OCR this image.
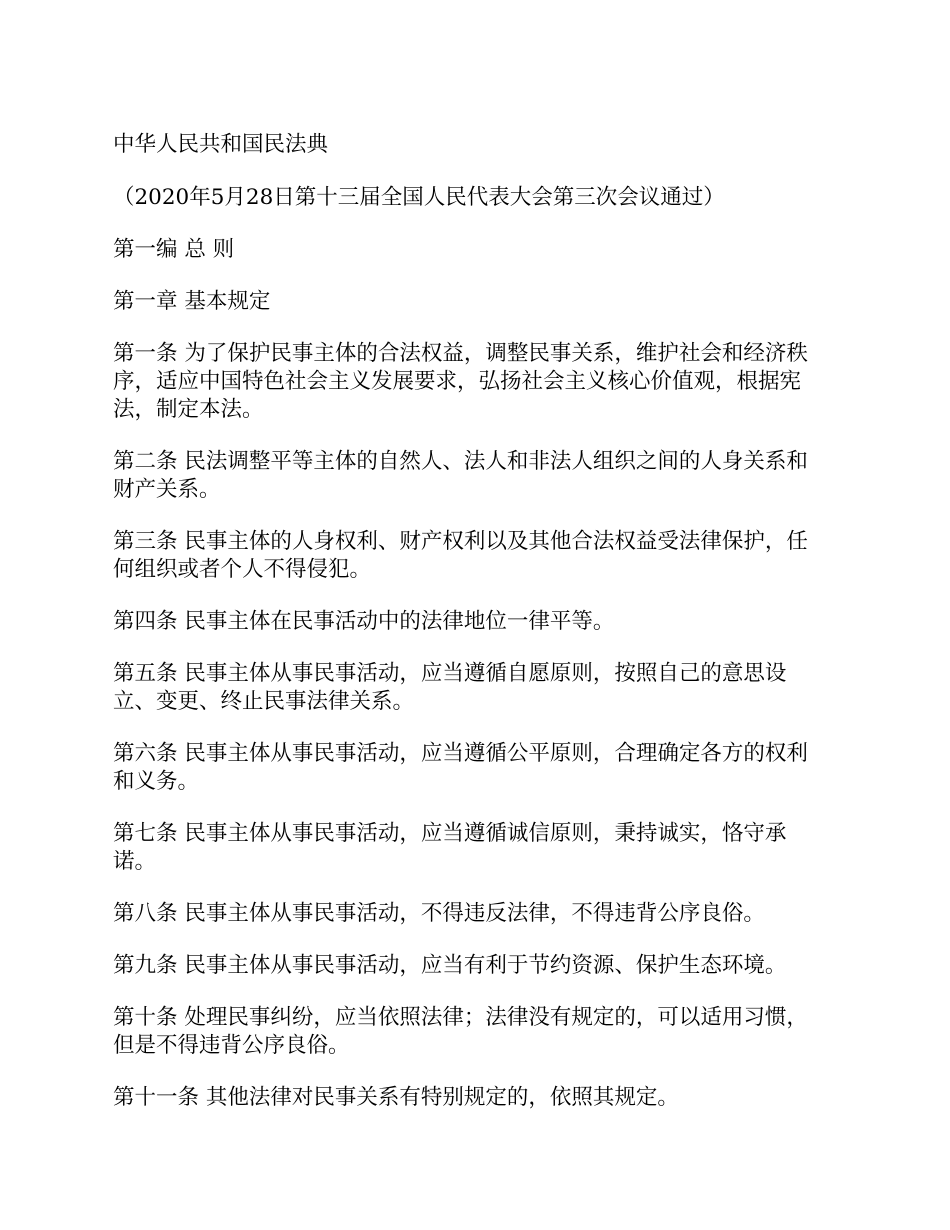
中华人民共和国民法典

（2020年5月28日第十三届全国人民代表大会第三次会议通过）

第一编 总 则

第一章 基本规定

第一条 为了保护民事主体的合法权益，调整民事关系，维护社会和经济秩序，适应中国特色社会主义发展要求，弘扬社会主义核心价值观，根据宪法，制定本法。

第二条 民法调整平等主体的自然人、法人和非法人组织之间的人身关系和财产关系。

第三条 民事主体的人身权利、财产权利以及其他合法权益受法律保护，任何组织或者个人不得侵犯。

第四条 民事主体在民事活动中的法律地位一律平等。

第五条 民事主体从事民事活动，应当遵循自愿原则，按照自己的意思设立、变更、终止民事法律关系。

第六条 民事主体从事民事活动，应当遵循公平原则，合理确定各方的权利和义务。

第七条 民事主体从事民事活动，应当遵循诚信原则，秉持诚实，恪守承诺。

第八条 民事主体从事民事活动，不得违反法律，不得违背公序良俗。

第九条 民事主体从事民事活动，应当有利于节约资源、保护生态环境。

第十条 处理民事纠纷，应当依照法律；法律没有规定的，可以适用习惯，但是不得违背公序良俗。

第十一条 其他法律对民事关系有特别规定的，依照其规定。
